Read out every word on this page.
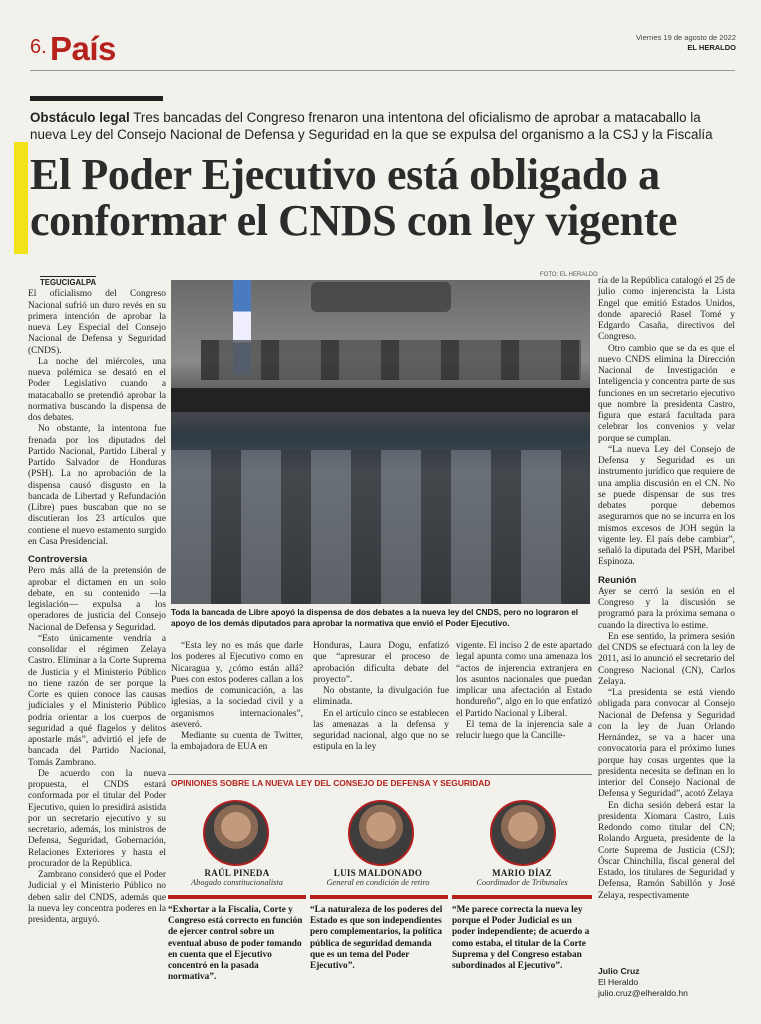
6. País	Viernes 19 de agosto de 2022
EL HERALDO
Obstáculo legal Tres bancadas del Congreso frenaron una intentona del oficialismo de aprobar a matacaballo la nueva Ley del Consejo Nacional de Defensa y Seguridad en la que se expulsa del organismo a la CSJ y la Fiscalía
El Poder Ejecutivo está obligado a
conformar el CNDS con ley vigente
FOTO: EL HERALDO
Toda la bancada de Libre apoyó la dispensa de dos debates a la nueva ley del CNDS, pero no lograron el apoyo de los demás diputados para aprobar la normativa que envió el Poder Ejecutivo.
TEGUCIGALPA

El oficialismo del Congreso Nacional sufrió un duro revés en su primera intención de aprobar la nueva Ley Especial del Consejo Nacional de Defensa y Seguridad (CNDS).

La noche del miércoles, una nueva polémica se desató en el Poder Legislativo cuando a matacaballo se pretendió aprobar la normativa buscando la dispensa de dos debates.

No obstante, la intentona fue frenada por los diputados del Partido Nacional, Partido Liberal y Partido Salvador de Honduras (PSH). La no aprobación de la dispensa causó disgusto en la bancada de Libertad y Refundación (Libre) pues buscaban que no se discutieran los 23 artículos que contiene el nuevo estamento surgido en Casa Presidencial.

Controversia

Pero más allá de la pretensión de aprobar el dictamen en un solo debate, en su contenido —la legislación— expulsa a los operadores de justicia del Consejo Nacional de Defensa y Seguridad.

“Esto únicamente vendría a consolidar el régimen Zelaya Castro. Eliminar a la Corte Suprema de Justicia y el Ministerio Público no tiene razón de ser porque la Corte es quien conoce las causas judiciales y el Ministerio Público podría orientar a los cuerpos de seguridad a qué flagelos y delitos apostarle más”, advirtió el jefe de bancada del Partido Nacional, Tomás Zambrano.

De acuerdo con la nueva propuesta, el CNDS estará conformada por el titular del Poder Ejecutivo, quien lo presidirá asistida por un secretario ejecutivo y su secretario, además, los ministros de Defensa, Seguridad, Gobernación, Relaciones Exteriores y hasta el procurador de la República.

Zambrano consideró que el Poder Judicial y el Ministerio Público no deben salir del CNDS, además que la nueva ley concentra poderes en la presidenta, arguyó.

“Esta ley no es más que darle los poderes al Ejecutivo como en Nicaragua y, ¿cómo están allá? Pues con estos poderes callan a los medios de comunicación, a las iglesias, a la sociedad civil y a organismos internacionales”, aseveró.

Mediante su cuenta de Twitter, la embajadora de EUA en

Honduras, Laura Dogu, enfatizó que “apresurar el proceso de aprobación dificulta debate del proyecto”.

No obstante, la divulgación fue eliminada.

En el artículo cinco se establecen las amenazas a la defensa y seguridad nacional, algo que no se estipula en la ley

vigente. El inciso 2 de este apartado legal apunta como una amenaza los “actos de injerencia extranjera en los asuntos nacionales que puedan implicar una afectación al Estado hondureño”, algo en lo que enfatizó el Partido Nacional y Liberal.

El tema de la injerencia sale a relucir luego que la Cancille-

ría de la República catalogó el 25 de julio como injerencista la Lista Engel que emitió Estados Unidos, donde apareció Rasel Tomé y Edgardo Casaña, directivos del Congreso.

Otro cambio que se da es que el nuevo CNDS elimina la Dirección Nacional de Investigación e Inteligencia y concentra parte de sus funciones en un secretario ejecutivo que nombre la presidenta Castro, figura que estará facultada para celebrar los convenios y velar porque se cumplan.

“La nueva Ley del Consejo de Defensa y Seguridad es un instrumento jurídico que requiere de una amplia discusión en el CN. No se puede dispensar de sus tres debates porque debemos asegurarnos que no se incurra en los mismos excesos de JOH según la vigente ley. El país debe cambiar”, señaló la diputada del PSH, Maribel Espinoza.

Reunión

Ayer se cerró la sesión en el Congreso y la discusión se programó para la próxima semana o cuando la directiva lo estime.

En ese sentido, la primera sesión del CNDS se efectuará con la ley de 2011, así lo anunció el secretario del Congreso Nacional (CN), Carlos Zelaya.

“La presidenta se está viendo obligada para convocar al Consejo Nacional de Defensa y Seguridad con la ley de Juan Orlando Hernández, se va a hacer una convocatoria para el próximo lunes porque hay cosas urgentes que la presidenta necesita se definan en lo interior del Consejo Nacional de Defensa y Seguridad”, acotó Zelaya

En dicha sesión deberá estar la presidenta Xiomara Castro, Luis Redondo como titular del CN; Rolando Argueta, presidente de la Corte Suprema de Justicia (CSJ); Óscar Chinchilla, fiscal general del Estado, los titulares de Seguridad y Defensa, Ramón Sabillón y José Zelaya, respectivamente

Julio Cruz
El Heraldo
julio.cruz@elheraldo.hn
OPINIONES SOBRE LA NUEVA LEY DEL CONSEJO DE DEFENSA Y SEGURIDAD
RAÚL PINEDA
Abogado constitucionalista
LUIS MALDONADO
General en condición de retiro
MARIO DÍAZ
Coordinador de Tribunales
“Exhortar a la Fiscalía, Corte y Congreso está correcto en función de ejercer control sobre un eventual abuso de poder tomando en cuenta que el Ejecutivo concentró en la pasada normativa”.
“La naturaleza de los poderes del Estado es que son independientes pero complementarios, la política pública de seguridad demanda que es un tema del Poder Ejecutivo”.
“Me parece correcta la nueva ley porque el Poder Judicial es un poder independiente; de acuerdo a como estaba, el titular de la Corte Suprema y del Congreso estaban subordinados al Ejecutivo”.
